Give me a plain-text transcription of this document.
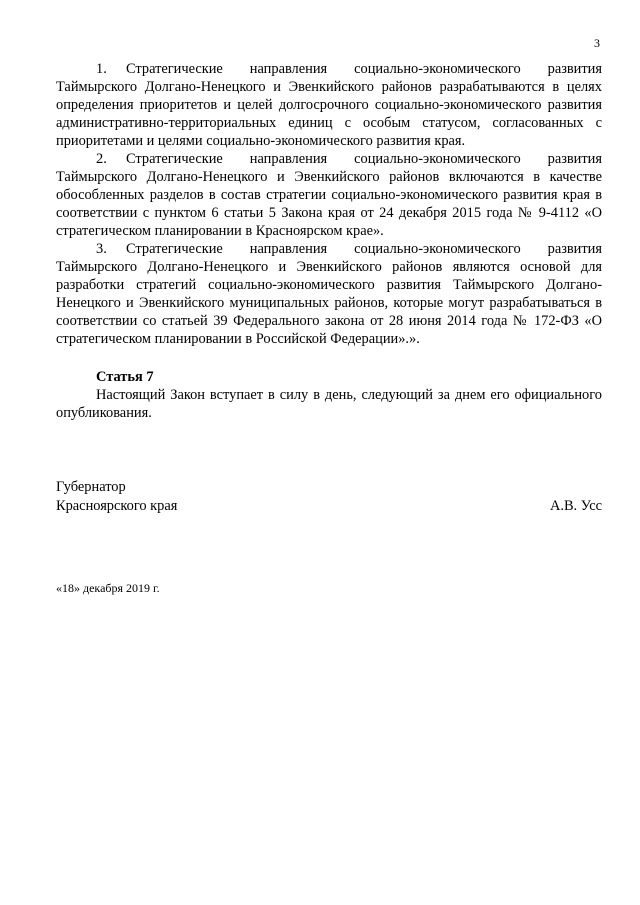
3

1. Стратегические направления социально-экономического развития Таймырского Долгано-Ненецкого и Эвенкийского районов разрабатываются в целях определения приоритетов и целей долгосрочного социально-экономического развития административно-территориальных единиц с особым статусом, согласованных с приоритетами и целями социально-экономического развития края.

2. Стратегические направления социально-экономического развития Таймырского Долгано-Ненецкого и Эвенкийского районов включаются в качестве обособленных разделов в состав стратегии социально-экономического развития края в соответствии с пунктом 6 статьи 5 Закона края от 24 декабря 2015 года № 9-4112 «О стратегическом планировании в Красноярском крае».

3. Стратегические направления социально-экономического развития Таймырского Долгано-Ненецкого и Эвенкийского районов являются основой для разработки стратегий социально-экономического развития Таймырского Долгано-Ненецкого и Эвенкийского муниципальных районов, которые могут разрабатываться в соответствии со статьей 39 Федерального закона от 28 июня 2014 года № 172-ФЗ «О стратегическом планировании в Российской Федерации».».

Статья 7

Настоящий Закон вступает в силу в день, следующий за днем его официального опубликования.

Губернатор
Красноярского края	А.В. Усс
«18» декабря 2019 г.
